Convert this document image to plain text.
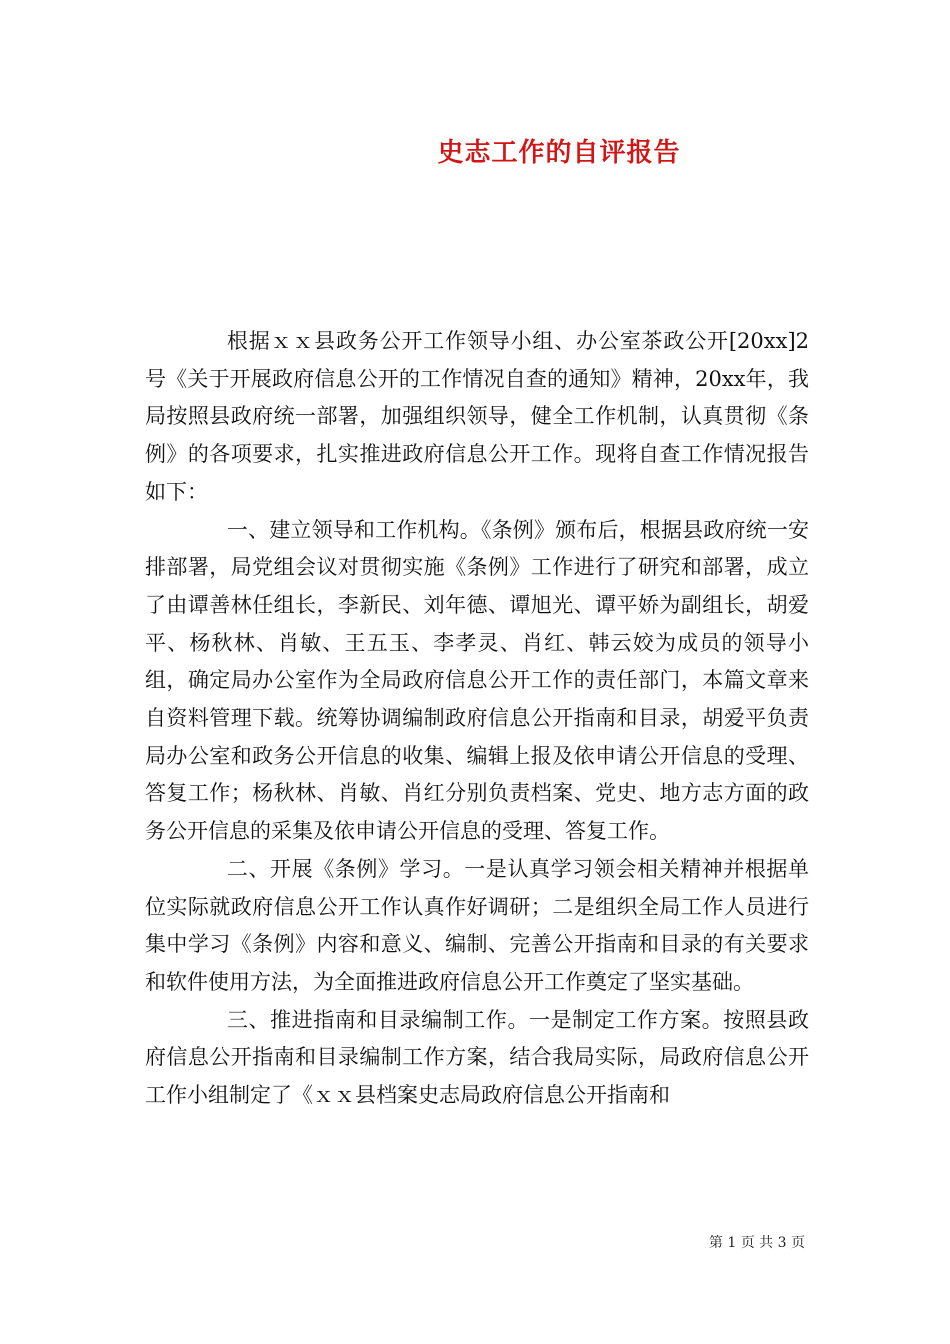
史志工作的自评报告

根据ｘｘ县政务公开工作领导小组、办公室茶政公开[20xx]2号《关于开展政府信息公开的工作情况自查的通知》精神，20xx年，我局按照县政府统一部署，加强组织领导，健全工作机制，认真贯彻《条例》的各项要求，扎实推进政府信息公开工作。现将自查工作情况报告如下：

一、建立领导和工作机构。《条例》颁布后，根据县政府统一安排部署，局党组会议对贯彻实施《条例》工作进行了研究和部署，成立了由谭善林任组长，李新民、刘年德、谭旭光、谭平娇为副组长，胡爱平、杨秋林、肖敏、王五玉、李孝灵、肖红、韩云姣为成员的领导小组，确定局办公室作为全局政府信息公开工作的责任部门，本篇文章来自资料管理下载。统筹协调编制政府信息公开指南和目录，胡爱平负责局办公室和政务公开信息的收集、编辑上报及依申请公开信息的受理、答复工作；杨秋林、肖敏、肖红分别负责档案、党史、地方志方面的政务公开信息的采集及依申请公开信息的受理、答复工作。

二、开展《条例》学习。一是认真学习领会相关精神并根据单位实际就政府信息公开工作认真作好调研；二是组织全局工作人员进行集中学习《条例》内容和意义、编制、完善公开指南和目录的有关要求和软件使用方法，为全面推进政府信息公开工作奠定了坚实基础。

三、推进指南和目录编制工作。一是制定工作方案。按照县政府信息公开指南和目录编制工作方案，结合我局实际，局政府信息公开工作小组制定了《ｘｘ县档案史志局政府信息公开指南和

第 1 页 共 3 页
